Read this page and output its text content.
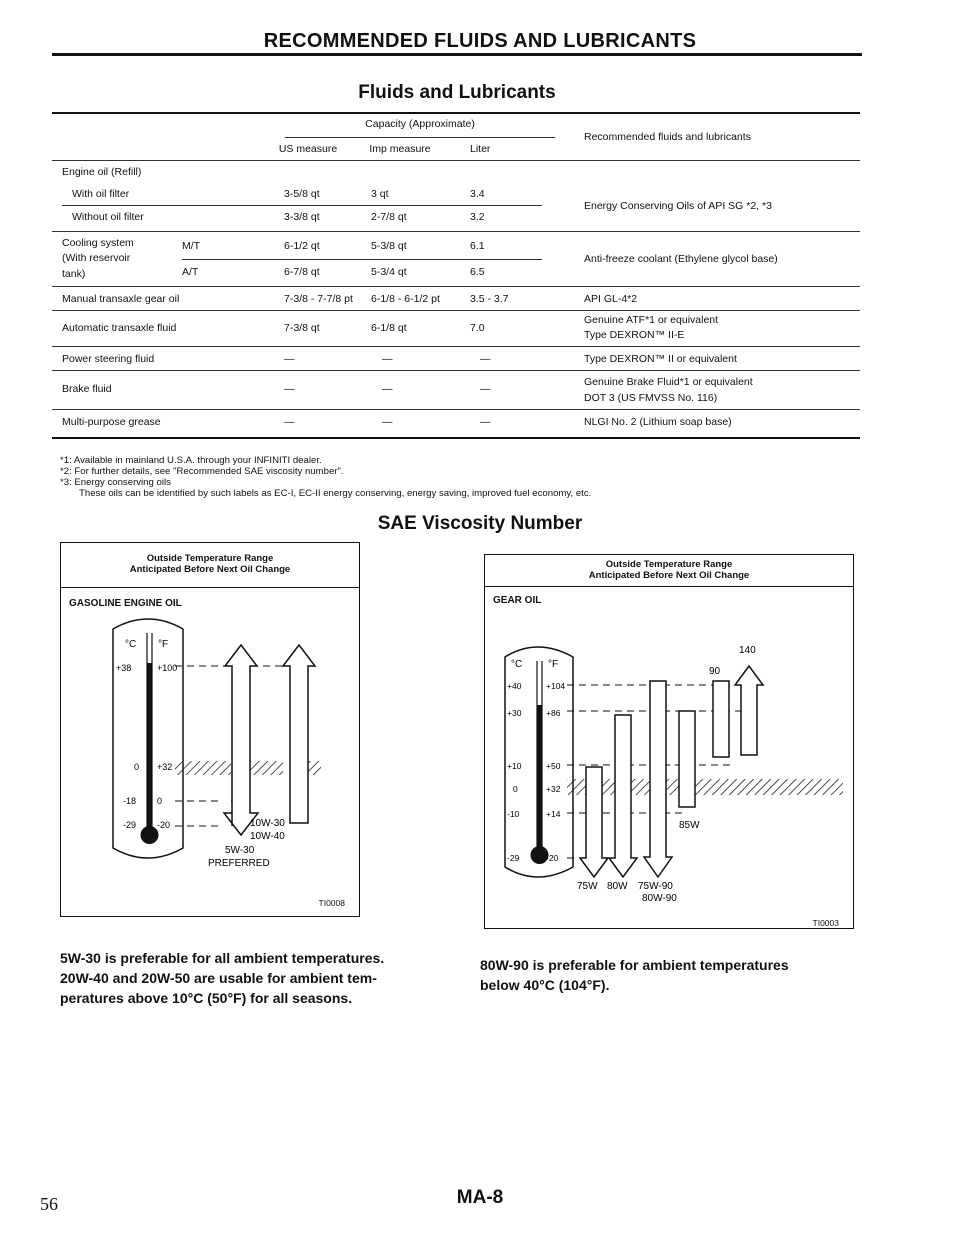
RECOMMENDED FLUIDS AND LUBRICANTS
Fluids and Lubricants
Capacity (Approximate)
US measure	Imp measure	Liter
Recommended fluids and lubricants
Engine oil (Refill)
With oil filter	3-5/8 qt	3 qt	3.4
Without oil filter	3-3/8 qt	2-7/8 qt	3.2
Energy Conserving Oils of API SG *2, *3
Cooling system
(With reservoir
tank)
M/T	6-1/2 qt	5-3/8 qt	6.1
A/T	6-7/8 qt	5-3/4 qt	6.5
Anti-freeze coolant (Ethylene glycol base)
Manual transaxle gear oil	7-3/8 - 7-7/8 pt 6-1/8 - 6-1/2 pt	3.5 - 3.7	API GL-4*2
Automatic transaxle fluid	7-3/8 qt	6-1/8 qt	7.0
Genuine ATF*1 or equivalent
Type DEXRON™ II-E
Power steering fluid	—	—	—	Type DEXRON™ II or equivalent
Brake fluid	—	—	—
Genuine Brake Fluid*1 or equivalent
DOT 3 (US FMVSS No. 116)
Multi-purpose grease	—	—	—	NLGI No. 2 (Lithium soap base)
*1: Available in mainland U.S.A. through your INFINITI dealer.
*2: For further details, see "Recommended SAE viscosity number".
*3: Energy conserving oils
These oils can be identified by such labels as EC-I, EC-II energy conserving, energy saving, improved fuel economy, etc.
SAE Viscosity Number
Outside Temperature Range
Anticipated Before Next Oil Change
GASOLINE ENGINE OIL
°C °F
+38	+100
0 +32
-18 0
-29 -20	10W-30
10W-40
5W-30
PREFERRED
TI0008
Outside Temperature Range
Anticipated Before Next Oil Change
GEAR OIL
°C	°F
+40	+104
+30	+86
+10	+50
0	+32
-10	+14
-29	-20
140
90
85W
75W 80W 75W-90
80W-90
TI0003
5W-30 is preferable for all ambient temperatures.
20W-40 and 20W-50 are usable for ambient tem-
peratures above 10°C (50°F) for all seasons.
80W-90 is preferable for ambient temperatures
below 40°C (104°F).
56	MA-8
